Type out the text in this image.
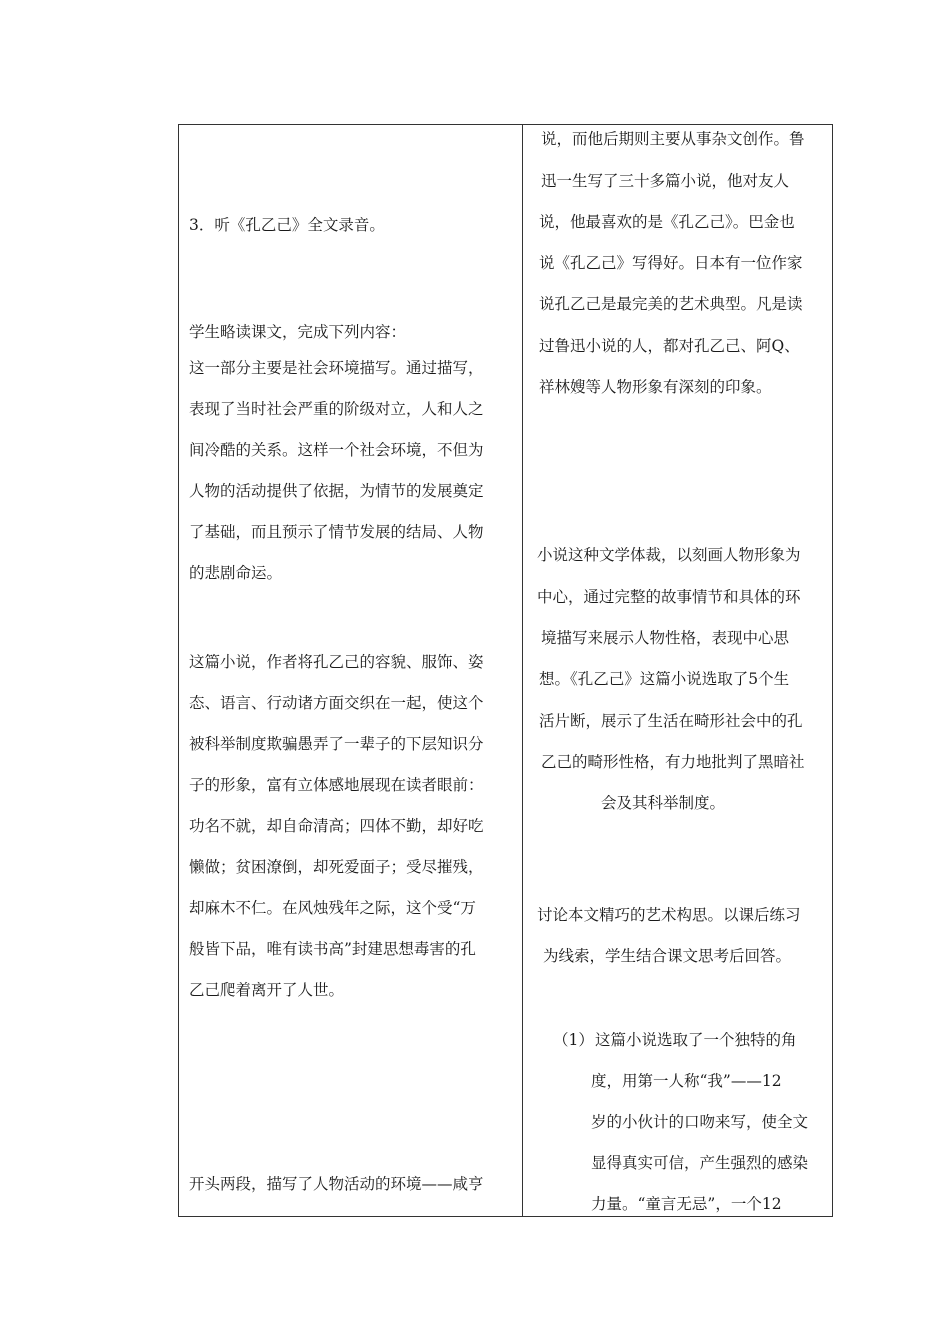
3．听《孔乙己》全文录音。
学生略读课文，完成下列内容：
这一部分主要是社会环境描写。通过描写，
表现了当时社会严重的阶级对立，人和人之
间冷酷的关系。这样一个社会环境，不但为
人物的活动提供了依据，为情节的发展奠定
了基础，而且预示了情节发展的结局、人物
的悲剧命运。
这篇小说，作者将孔乙己的容貌、服饰、姿
态、语言、行动诸方面交织在一起，使这个
被科举制度欺骗愚弄了一辈子的下层知识分
子的形象，富有立体感地展现在读者眼前：
功名不就，却自命清高；四体不勤，却好吃
懒做；贫困潦倒，却死爱面子；受尽摧残，
却麻木不仁。在风烛残年之际，这个受“万
般皆下品，唯有读书高”封建思想毒害的孔
乙己爬着离开了人世。
开头两段，描写了人物活动的环境——咸亨
说，而他后期则主要从事杂文创作。鲁
迅一生写了三十多篇小说，他对友人
说，他最喜欢的是《孔乙己》。巴金也
说《孔乙己》写得好。日本有一位作家
说孔乙己是最完美的艺术典型。凡是读
过鲁迅小说的人，都对孔乙己、阿Q、
祥林嫂等人物形象有深刻的印象。
小说这种文学体裁，以刻画人物形象为
中心，通过完整的故事情节和具体的环
境描写来展示人物性格，表现中心思
想。《孔乙己》这篇小说选取了5个生
活片断，展示了生活在畸形社会中的孔
乙己的畸形性格，有力地批判了黑暗社
会及其科举制度。
讨论本文精巧的艺术构思。以课后练习
为线索，学生结合课文思考后回答。
（1） 这篇小说选取了一个独特的角
度，用第一人称“我”——12
岁的小伙计的口吻来写，使全文
显得真实可信，产生强烈的感染
力量。“童言无忌”，一个12
